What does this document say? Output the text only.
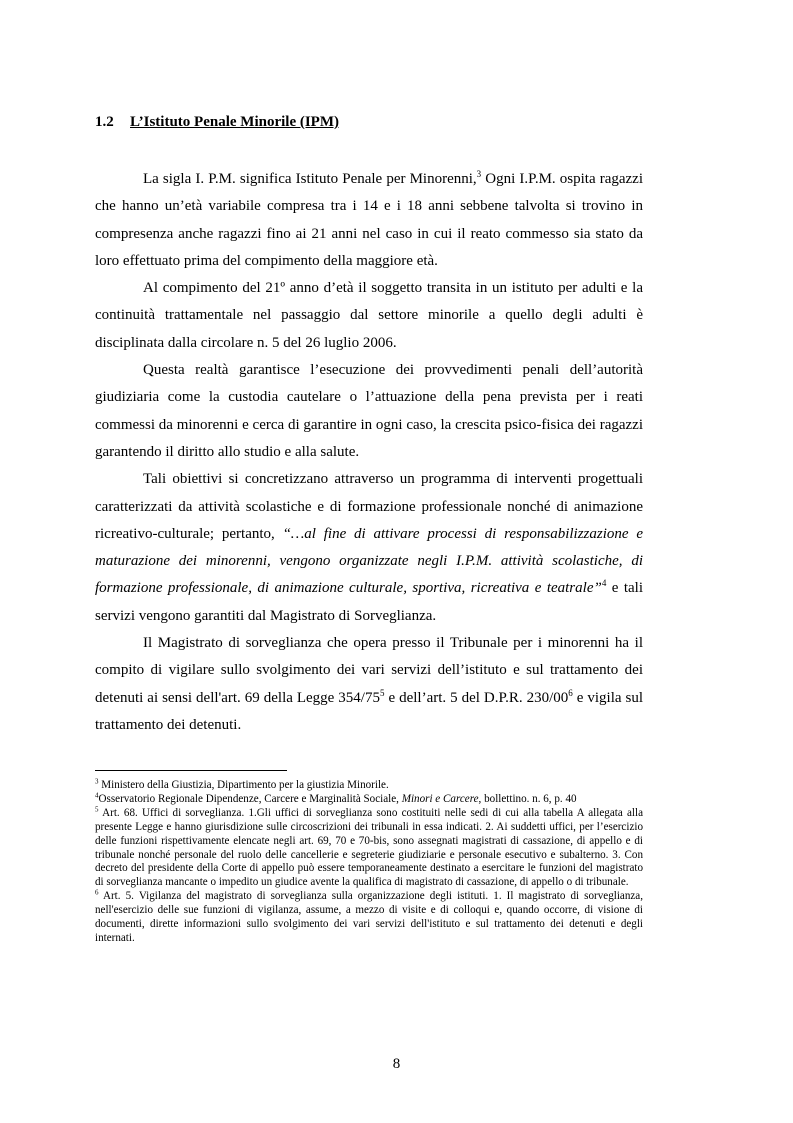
1.2 L’Istituto Penale Minorile (IPM)

La sigla I. P.M. significa Istituto Penale per Minorenni,$^3$ Ogni I.P.M. ospita ragazzi che hanno un’età variabile compresa tra i 14 e i 18 anni sebbene talvolta si trovino in compresenza anche ragazzi fino ai 21 anni nel caso in cui il reato commesso sia stato da loro effettuato prima del compimento della maggiore età.

Al compimento del 21º anno d’età il soggetto transita in un istituto per adulti e la continuità trattamentale nel passaggio dal settore minorile a quello degli adulti è disciplinata dalla circolare n. 5 del 26 luglio 2006.

Questa realtà garantisce l’esecuzione dei provvedimenti penali dell’autorità giudiziaria come la custodia cautelare o l’attuazione della pena prevista per i reati commessi da minorenni e cerca di garantire in ogni caso, la crescita psico-fisica dei ragazzi garantendo il diritto allo studio e alla salute.

Tali obiettivi si concretizzano attraverso un programma di interventi progettuali caratterizzati da attività scolastiche e di formazione professionale nonché di animazione ricreativo-culturale; pertanto, “…al fine di attivare processi di responsabilizzazione e maturazione dei minorenni, vengono organizzate negli I.P.M. attività scolastiche, di formazione professionale, di animazione culturale, sportiva, ricreativa e teatrale”$^4$ e tali servizi vengono garantiti dal Magistrato di Sorveglianza.

Il Magistrato di sorveglianza che opera presso il Tribunale per i minorenni ha il compito di vigilare sullo svolgimento dei vari servizi dell’istituto e sul trattamento dei detenuti ai sensi dell'art. 69 della Legge $354/75^5$ e dell’art. 5 del D.P.R. $230/00^6$ e vigila sul trattamento dei detenuti.

$^3$ Ministero della Giustizia, Dipartimento per la giustizia Minorile.

$^4$Osservatorio Regionale Dipendenze, Carcere e Marginalità Sociale, Minori e Carcere, bollettino. n. 6, p. 40

$^5$ Art. 68. Uffici di sorveglianza. 1.Gli uffici di sorveglianza sono costituiti nelle sedi di cui alla tabella A allegata alla presente Legge e hanno giurisdizione sulle circoscrizioni dei tribunali in essa indicati. 2. Ai suddetti uffici, per l’esercizio delle funzioni rispettivamente elencate negli art. 69, 70 e 70-bis, sono assegnati magistrati di cassazione, di appello e di tribunale nonché personale del ruolo delle cancellerie e segreterie giudiziarie e personale esecutivo e subalterno. 3. Con decreto del presidente della Corte di appello può essere temporaneamente destinato a esercitare le funzioni del magistrato di sorveglianza mancante o impedito un giudice avente la qualifica di magistrato di cassazione, di appello o di tribunale.

$^6$ Art. 5. Vigilanza del magistrato di sorveglianza sulla organizzazione degli istituti. 1. Il magistrato di sorveglianza, nell'esercizio delle sue funzioni di vigilanza, assume, a mezzo di visite e di colloqui e, quando occorre, di visione di documenti, dirette informazioni sullo svolgimento dei vari servizi dell'istituto e sul trattamento dei detenuti e degli internati.

8
